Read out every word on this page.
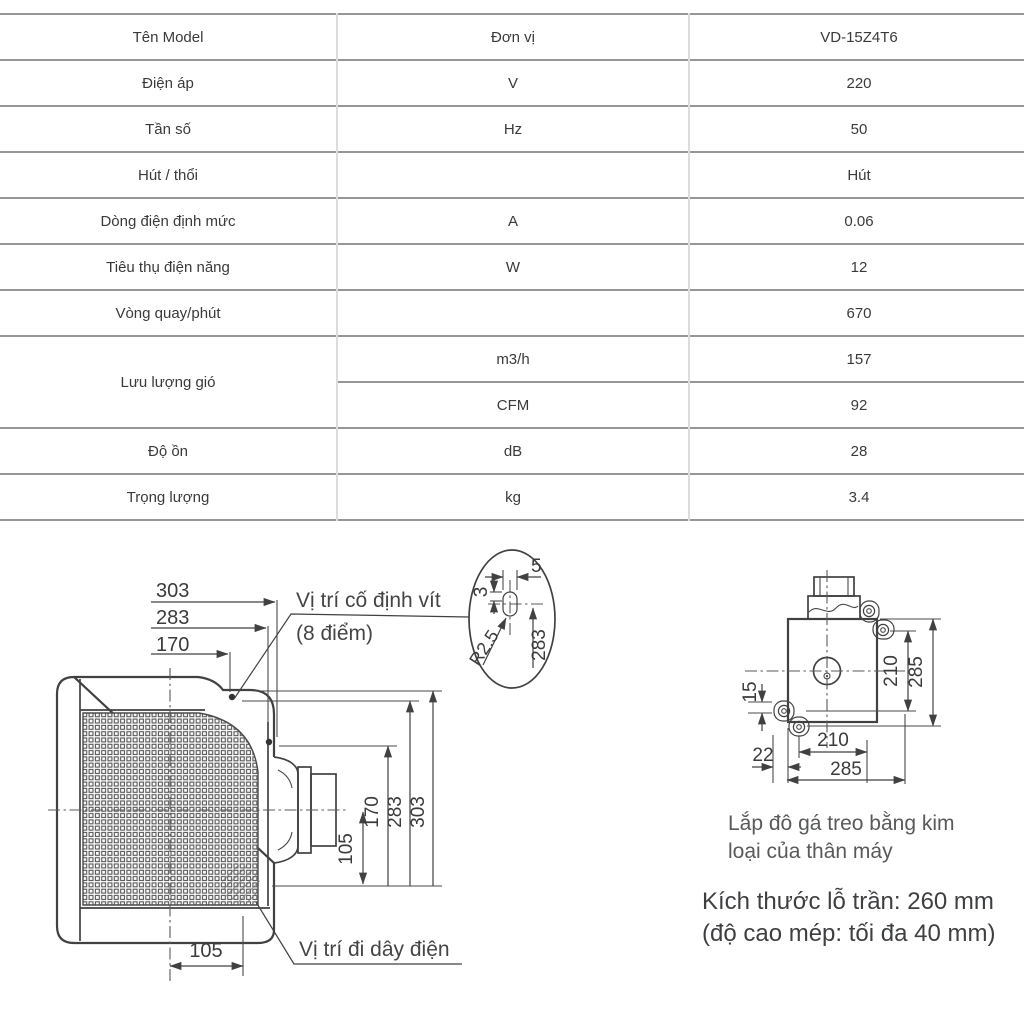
Tên Model	Đơn vị	VD-15Z4T6
Điện áp	V	220
Tần số	Hz	50
Hút / thổi		Hút
Dòng điện định mức	A	0.06
Tiêu thụ điện năng	W	12
Vòng quay/phút		670
Lưu lượng gió	m3/h	157
	CFM	92
Độ ồn	dB	28
Trọng lượng	kg	3.4
303
283
170
Vị trí cố định vít
(8 điểm)
5
3
R2.5 283
170 283 303
105
105	Vị trí đi dây điện
210 285
15
22
210
285
Lắp đô gá treo bằng kim
loại của thân máy
Kích thước lỗ trần: 260 mm
(độ cao mép: tối đa 40 mm)
